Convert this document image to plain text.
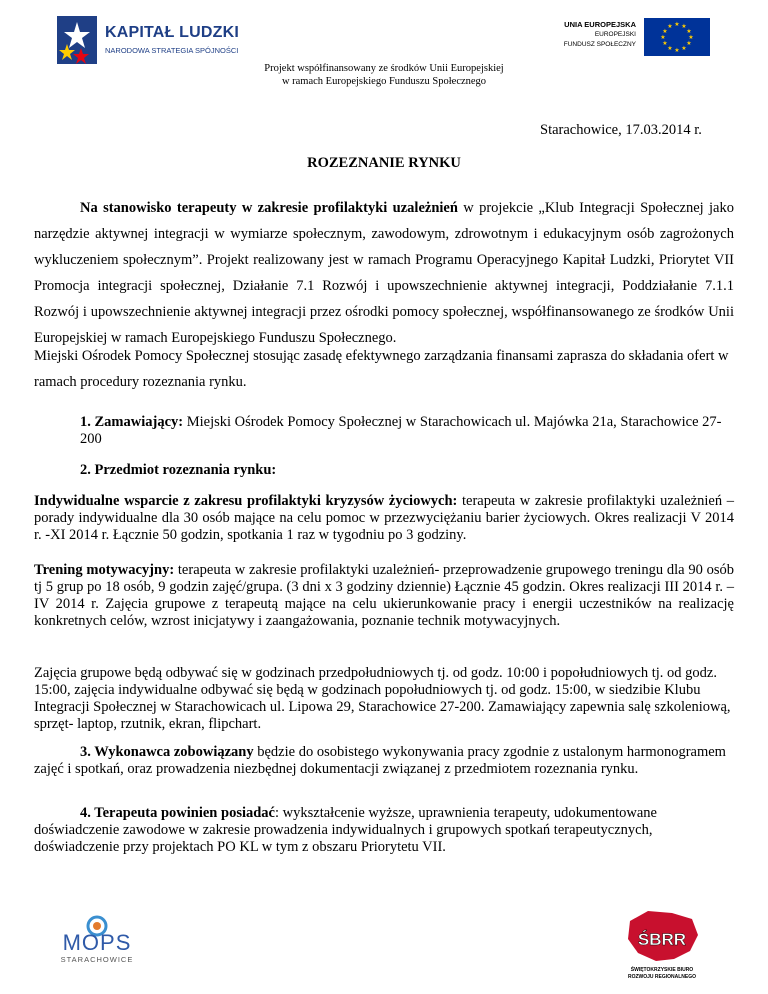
KAPITAŁ LUDZKI
NARODOWA STRATEGIA SPÓJNOŚCI
UNIA EUROPEJSKA
EUROPEJSKI
FUNDUSZ SPOŁECZNY
★ ★
★
★
★
★
★
★
★
★
★
★
Projekt współfinansowany ze środków Unii Europejskiej
w ramach Europejskiego Funduszu Społecznego
Starachowice, 17.03.2014 r.
ROZEZNANIE RYNKU
Na stanowisko terapeuty w zakresie profilaktyki uzależnień w projekcie „Klub Integracji Społecznej jako narzędzie aktywnej integracji w wymiarze społecznym, zawodowym, zdrowotnym i edukacyjnym osób zagrożonych wykluczeniem społecznym”. Projekt realizowany jest w ramach Programu Operacyjnego Kapitał Ludzki, Priorytet VII Promocja integracji społecznej, Działanie 7.1 Rozwój i upowszechnienie aktywnej integracji, Poddziałanie 7.1.1 Rozwój i upowszechnienie aktywnej integracji przez ośrodki pomocy społecznej, współfinansowanego ze środków Unii Europejskiej w ramach Europejskiego Funduszu Społecznego.
Miejski Ośrodek Pomocy Społecznej stosując zasadę efektywnego zarządzania finansami zaprasza do składania ofert w ramach procedury rozeznania rynku.
1. Zamawiający: Miejski Ośrodek Pomocy Społecznej w Starachowicach ul. Majówka 21a, Starachowice 27-200
2. Przedmiot rozeznania rynku:
Indywidualne wsparcie z zakresu profilaktyki kryzysów życiowych: terapeuta w zakresie profilaktyki uzależnień – porady indywidualne dla 30 osób mające na celu pomoc w przezwyciężaniu barier życiowych. Okres realizacji V 2014 r. -XI 2014 r. Łącznie 50 godzin, spotkania 1 raz w tygodniu po 3 godziny.
Trening motywacyjny: terapeuta w zakresie profilaktyki uzależnień- przeprowadzenie grupowego treningu dla 90 osób tj 5 grup po 18 osób, 9 godzin zajęć/grupa. (3 dni x 3 godziny dziennie) Łącznie 45 godzin. Okres realizacji III 2014 r. – IV 2014 r. Zajęcia grupowe z terapeutą mające na celu ukierunkowanie pracy i energii uczestników na realizację konkretnych celów, wzrost inicjatywy i zaangażowania, poznanie technik motywacyjnych.
Zajęcia grupowe będą odbywać się w godzinach przedpołudniowych tj. od godz. 10:00 i popołudniowych tj. od godz. 15:00, zajęcia indywidualne odbywać się będą w godzinach popołudniowych tj. od godz. 15:00, w siedzibie Klubu Integracji Społecznej w Starachowicach ul. Lipowa 29, Starachowice 27-200. Zamawiający zapewnia salę szkoleniową, sprzęt- laptop, rzutnik, ekran, flipchart.
3. Wykonawca zobowiązany będzie do osobistego wykonywania pracy zgodnie z ustalonym harmonogramem zajęć i spotkań, oraz prowadzenia niezbędnej dokumentacji związanej z przedmiotem rozeznania rynku.
4. Terapeuta powinien posiadać: wykształcenie wyższe, uprawnienia terapeuty, udokumentowane doświadczenie zawodowe w zakresie prowadzenia indywidualnych i grupowych spotkań terapeutycznych, doświadczenie przy projektach PO KL w tym z obszaru Priorytetu VII.
MOPS
STARACHOWICE
ŚBRR
ŚWIĘTOKRZYSKIE BIURO
ROZWOJU REGIONALNEGO
